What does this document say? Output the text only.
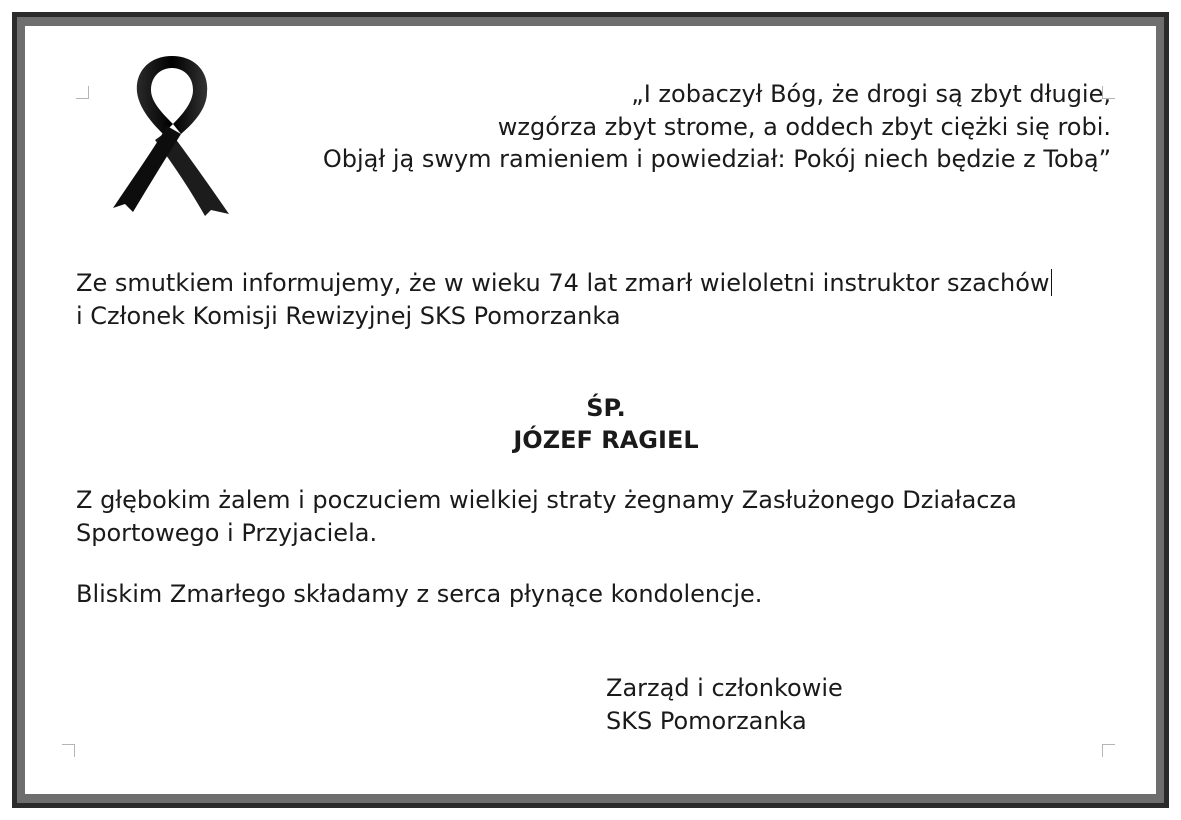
„I zobaczył Bóg, że drogi są zbyt długie,
wzgórza zbyt strome, a oddech zbyt ciężki się robi.
Objął ją swym ramieniem i powiedział: Pokój niech będzie z Tobą”
Ze smutkiem informujemy, że w wieku 74 lat zmarł wieloletni instruktor szachów
i Członek Komisji Rewizyjnej SKS Pomorzanka
ŚP.
JÓZEF RAGIEL
Z głębokim żalem i poczuciem wielkiej straty żegnamy Zasłużonego Działacza
Sportowego i Przyjaciela.
Bliskim Zmarłego składamy z serca płynące kondolencje.
Zarząd i członkowie
SKS Pomorzanka
